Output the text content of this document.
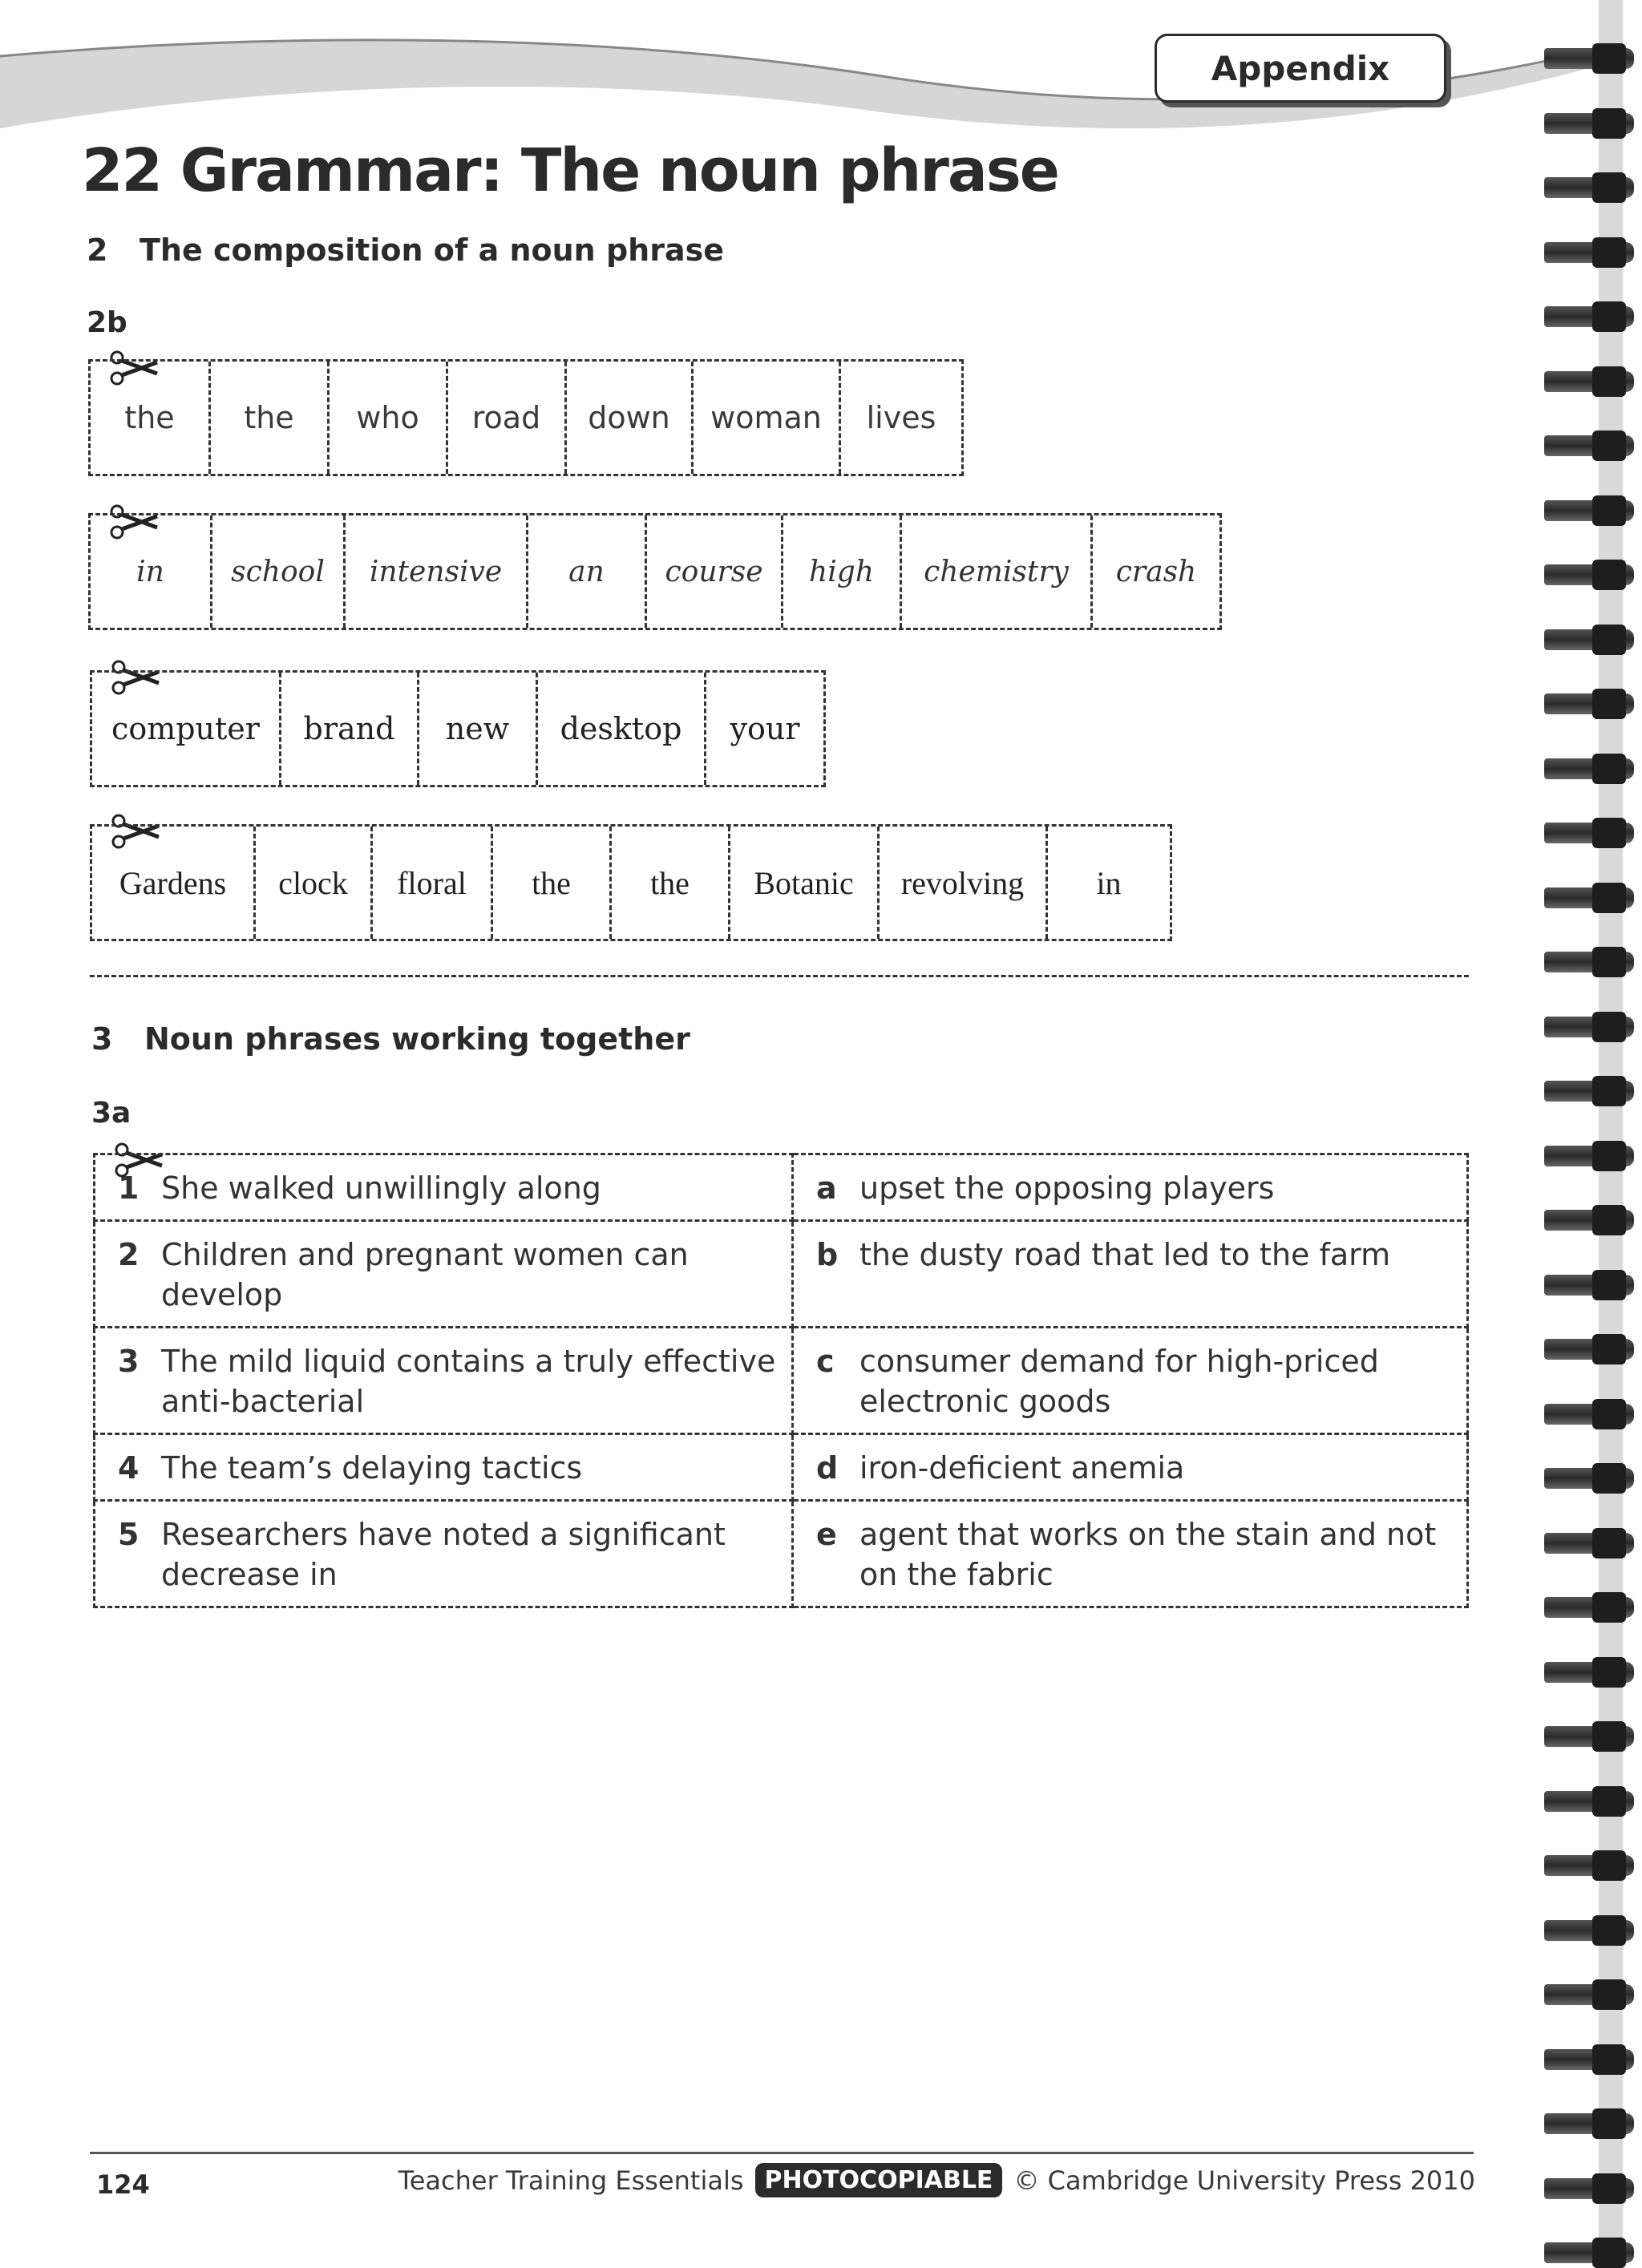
Appendix
22 Grammar: The noun phrase
2 The composition of a noun phrase
2b
the	the	who	road	down	woman	lives
in	school	intensive	an	course	high	chemistry	crash
computer	brand	new	desktop	your
Gardens	clock	floral	the	the	Botanic	revolving	in
3 Noun phrases working together
3a
1 She walked unwillingly along	a upset the opposing players
2 Children and pregnant women can develop	b the dusty road that led to the farm
3 The mild liquid contains a truly effective anti-bacterial	c consumer demand for high-priced electronic goods
4 The team’s delaying tactics	d iron-deficient anemia
5 Researchers have noted a significant decrease in	e agent that works on the stain and not on the fabric
124	Teacher Training Essentials PHOTOCOPIABLE © Cambridge University Press 2010
